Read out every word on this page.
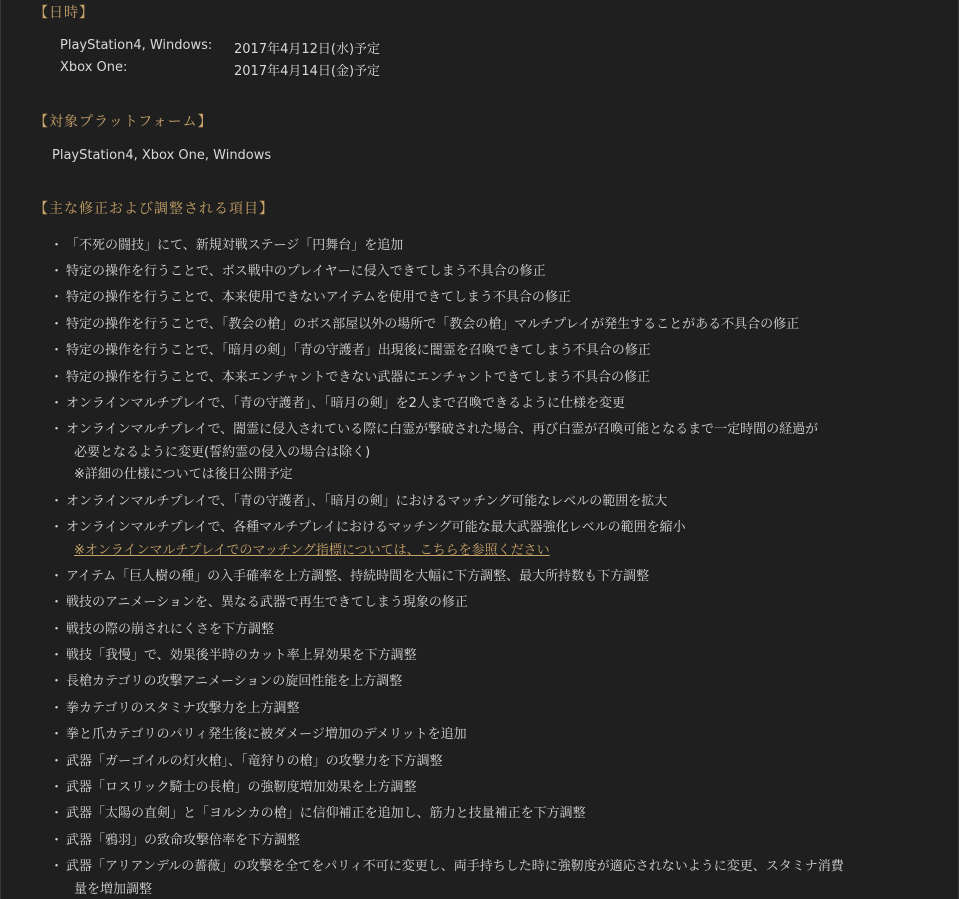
【日時】
PlayStation4, Windows: 2017年4月12日(水)予定
Xbox One:	2017年4月14日(金)予定
【対象プラットフォーム】
PlayStation4, Xbox One, Windows
【主な修正および調整される項目】
・ 「不死の闘技」にて、新規対戦ステージ「円舞台」を追加
・ 特定の操作を行うことで、ボス戦中のプレイヤーに侵入できてしまう不具合の修正
・ 特定の操作を行うことで、本来使用できないアイテムを使用できてしまう不具合の修正
・ 特定の操作を行うことで、「教会の槍」のボス部屋以外の場所で「教会の槍」マルチプレイが発生することがある不具合の修正
・ 特定の操作を行うことで、「暗月の剣」「青の守護者」出現後に闇霊を召喚できてしまう不具合の修正
・ 特定の操作を行うことで、本来エンチャントできない武器にエンチャントできてしまう不具合の修正
・ オンラインマルチプレイで、「青の守護者」、「暗月の剣」を2人まで召喚できるように仕様を変更
・ オンラインマルチプレイで、闇霊に侵入されている際に白霊が撃破された場合、再び白霊が召喚可能となるまで一定時間の経過が
必要となるように変更(誓約霊の侵入の場合は除く)
※詳細の仕様については後日公開予定
・ オンラインマルチプレイで、「青の守護者」、「暗月の剣」におけるマッチング可能なレベルの範囲を拡大
・ オンラインマルチプレイで、各種マルチプレイにおけるマッチング可能な最大武器強化レベルの範囲を縮小
※オンラインマルチプレイでのマッチング指標については、こちらを参照ください
・ アイテム「巨人樹の種」の入手確率を上方調整、持続時間を大幅に下方調整、最大所持数も下方調整
・ 戦技のアニメーションを、異なる武器で再生できてしまう現象の修正
・ 戦技の際の崩されにくさを下方調整
・ 戦技「我慢」で、効果後半時のカット率上昇効果を下方調整
・ 長槍カテゴリの攻撃アニメーションの旋回性能を上方調整
・ 拳カテゴリのスタミナ攻撃力を上方調整
・ 拳と爪カテゴリのパリィ発生後に被ダメージ増加のデメリットを追加
・ 武器「ガーゴイルの灯火槍」、「竜狩りの槍」の攻撃力を下方調整
・ 武器「ロスリック騎士の長槍」の強靭度増加効果を上方調整
・ 武器「太陽の直剣」と「ヨルシカの槍」に信仰補正を追加し、筋力と技量補正を下方調整
・ 武器「鴉羽」の致命攻撃倍率を下方調整
・ 武器「アリアンデルの薔薇」の攻撃を全てをパリィ不可に変更し、両手持ちした時に強靭度が適応されないように変更、スタミナ消費
量を増加調整
